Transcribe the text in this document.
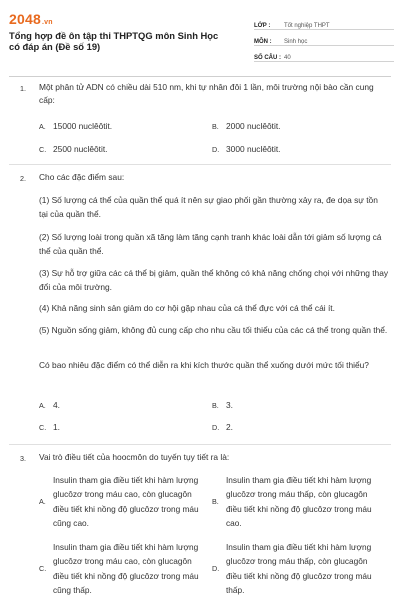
2048.vn
Tổng hợp đề ôn tập thi THPTQG môn Sinh Học có đáp án (Đề số 19)
LỚP :	Tốt nghiệp THPT
MÔN :	Sinh học
SỐ CÂU : 40
1. Một phân tử ADN có chiều dài 510 nm, khi tự nhân đôi 1 lần, môi trường nội bào cần cung cấp:
A. 15000 nuclêôtit.	B. 2000 nuclêôtit.
C. 2500 nuclêôtit.	D. 3000 nuclêôtit.
2. Cho các đặc điểm sau:
(1) Số lượng cá thể của quần thể quá ít nên sự giao phối gần thường xảy ra, đe dọa sự tồn tại của quần thể.
(2) Số lượng loài trong quần xã tăng làm tăng cạnh tranh khác loài dẫn tới giảm số lượng cá thể của quần thể.
(3) Sự hỗ trợ giữa các cá thể bị giảm, quần thể không có khả năng chống chọi với những thay đổi của môi trường.
(4) Khả năng sinh sản giảm do cơ hội gặp nhau của cá thể đực với cá thể cái ít.
(5) Nguồn sống giảm, không đủ cung cấp cho nhu cầu tối thiểu của các cá thể trong quần thể.
Có bao nhiêu đặc điểm có thể diễn ra khi kích thước quần thể xuống dưới mức tối thiểu?
A. 4.	B. 3.
C. 1.	D. 2.
3. Vai trò điều tiết của hoocmôn do tuyến tụy tiết ra là:
A.
Insulin tham gia điều tiết khi hàm lượng glucôzơ trong máu cao, còn glucagôn điều tiết khi nồng độ glucôzơ trong máu cũng cao.
B.
Insulin tham gia điều tiết khi hàm lượng glucôzơ trong máu thấp, còn glucagôn điều tiết khi nồng độ glucôzơ trong máu cao.
C.
Insulin tham gia điều tiết khi hàm lượng glucôzơ trong máu cao, còn glucagôn điều tiết khi nồng độ glucôzơ trong máu cũng thấp.
D.
Insulin tham gia điều tiết khi hàm lượng glucôzơ trong máu thấp, còn glucagôn điều tiết khi nồng độ glucôzơ trong máu thấp.
